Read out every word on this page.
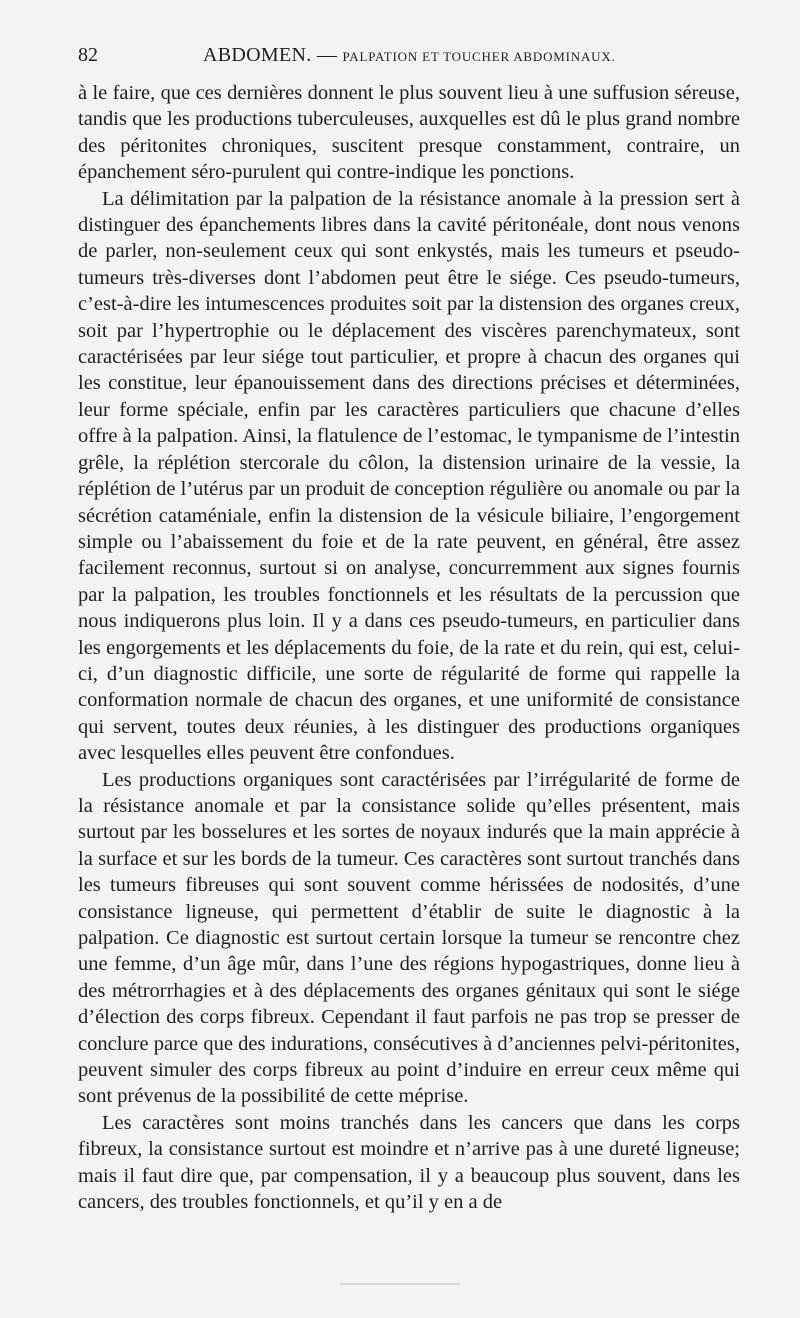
82	ABDOMEN. — PALPATION ET TOUCHER ABDOMINAUX.

à le faire, que ces dernières donnent le plus souvent lieu à une suffusion séreuse, tandis que les productions tuberculeuses, auxquelles est dû le plus grand nombre des péritonites chroniques, suscitent presque constamment, contraire, un épanchement séro-purulent qui contre-indique les ponctions.

La délimitation par la palpation de la résistance anomale à la pression sert à distinguer des épanchements libres dans la cavité péritonéale, dont nous venons de parler, non-seulement ceux qui sont enkystés, mais les tumeurs et pseudo-tumeurs très-diverses dont l’abdomen peut être le siége. Ces pseudo-tumeurs, c’est-à-dire les intumescences produites soit par la distension des organes creux, soit par l’hypertrophie ou le déplacement des viscères parenchymateux, sont caractérisées par leur siége tout particulier, et propre à chacun des organes qui les constitue, leur épanouissement dans des directions précises et déterminées, leur forme spéciale, enfin par les caractères particuliers que chacune d’elles offre à la palpation. Ainsi, la flatulence de l’estomac, le tympanisme de l’intestin grêle, la réplétion stercorale du côlon, la distension urinaire de la vessie, la réplétion de l’utérus par un produit de conception régulière ou anomale ou par la sécrétion cataméniale, enfin la distension de la vésicule biliaire, l’engorgement simple ou l’abaissement du foie et de la rate peuvent, en général, être assez facilement reconnus, surtout si on analyse, concurremment aux signes fournis par la palpation, les troubles fonctionnels et les résultats de la percussion que nous indiquerons plus loin. Il y a dans ces pseudo-tumeurs, en particulier dans les engorgements et les déplacements du foie, de la rate et du rein, qui est, celui-ci, d’un diagnostic difficile, une sorte de régularité de forme qui rappelle la conformation normale de chacun des organes, et une uniformité de consistance qui servent, toutes deux réunies, à les distinguer des productions organiques avec lesquelles elles peuvent être confondues.

Les productions organiques sont caractérisées par l’irrégularité de forme de la résistance anomale et par la consistance solide qu’elles présentent, mais surtout par les bosselures et les sortes de noyaux indurés que la main apprécie à la surface et sur les bords de la tumeur. Ces caractères sont surtout tranchés dans les tumeurs fibreuses qui sont souvent comme hérissées de nodosités, d’une consistance ligneuse, qui permettent d’établir de suite le diagnostic à la palpation. Ce diagnostic est surtout certain lorsque la tumeur se rencontre chez une femme, d’un âge mûr, dans l’une des régions hypogastriques, donne lieu à des métrorrhagies et à des déplacements des organes génitaux qui sont le siége d’élection des corps fibreux. Cependant il faut parfois ne pas trop se presser de conclure parce que des indurations, consécutives à d’anciennes pelvi-péritonites, peuvent simuler des corps fibreux au point d’induire en erreur ceux même qui sont prévenus de la possibilité de cette méprise.

Les caractères sont moins tranchés dans les cancers que dans les corps fibreux, la consistance surtout est moindre et n’arrive pas à une dureté ligneuse; mais il faut dire que, par compensation, il y a beaucoup plus souvent, dans les cancers, des troubles fonctionnels, et qu’il y en a de
